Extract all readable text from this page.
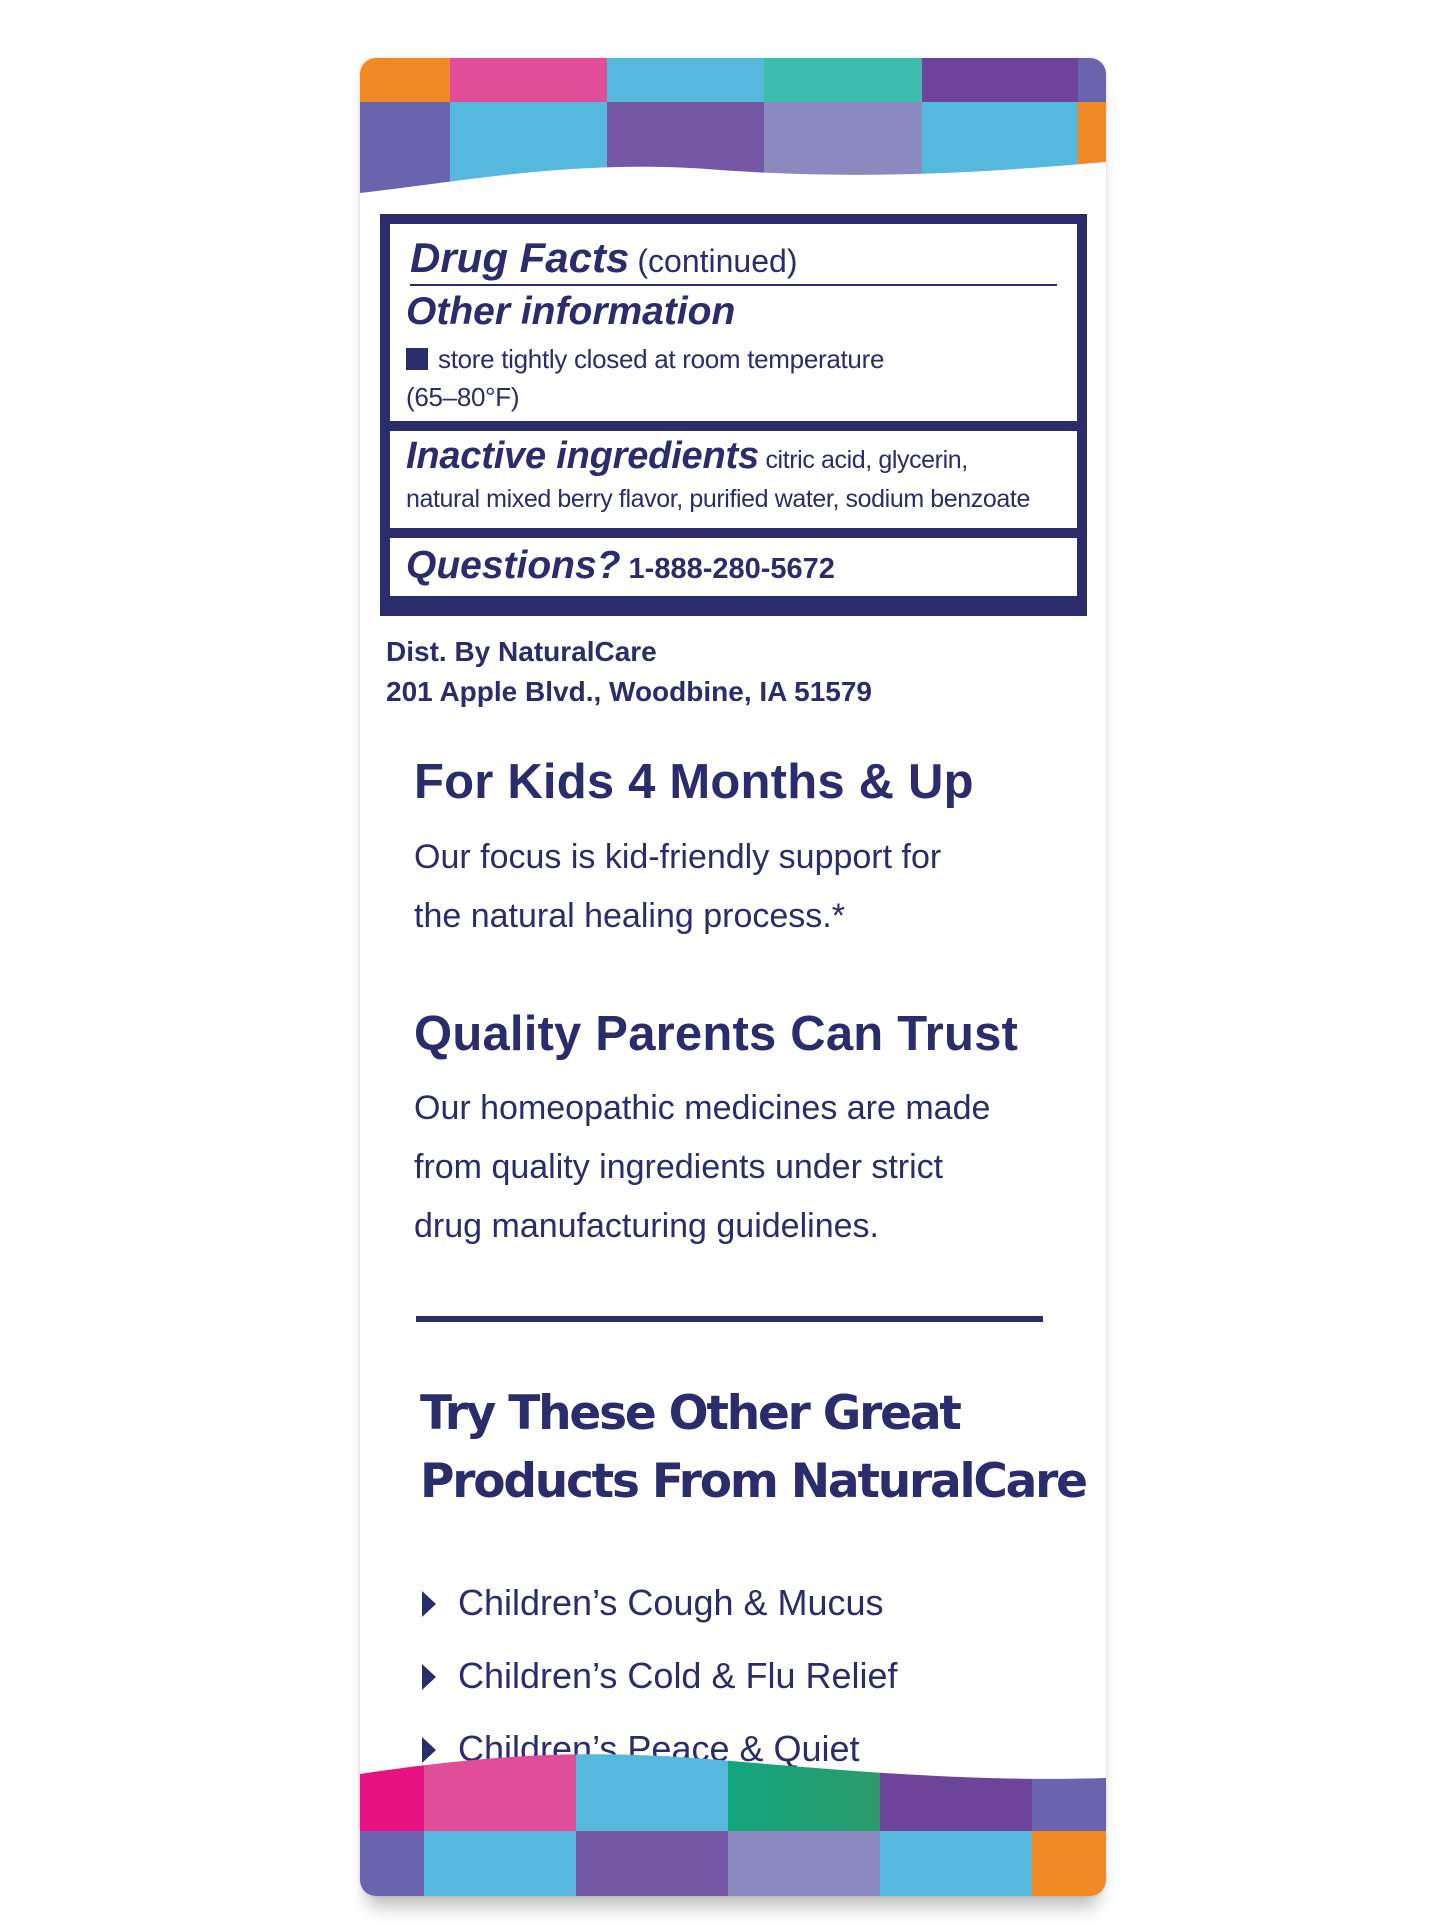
Drug Facts (continued)
Other information
store tightly closed at room temperature
(65–80°F)
Inactive ingredients citric acid, glycerin,
natural mixed berry flavor, purified water, sodium benzoate
Questions? 1-888-280-5672
Dist. By NaturalCare
201 Apple Blvd., Woodbine, IA 51579
For Kids 4 Months & Up
Our focus is kid-friendly support for
the natural healing process.*
Quality Parents Can Trust
Our homeopathic medicines are made
from quality ingredients under strict
drug manufacturing guidelines.
Try These Other Great
Products From NaturalCare
Children’s Cough & Mucus
Children’s Cold & Flu Relief
Children’s Peace & Quiet
